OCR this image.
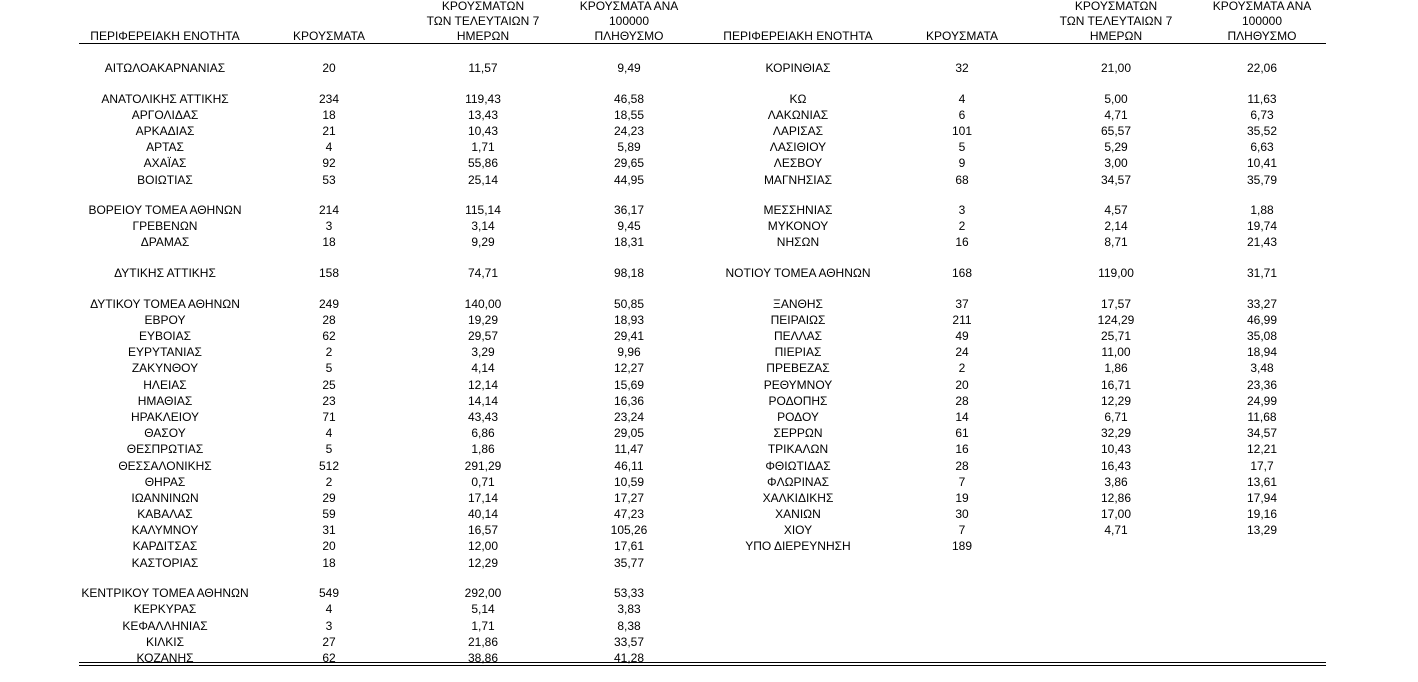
ΠΕΡΙΦΕΡΕΙΑΚΗ ΕΝΟΤΗΤΑ	ΚΡΟΥΣΜΑΤΑ
ΚΡΟΥΣΜΑΤΩΝ
ΤΩΝ ΤΕΛΕΥΤΑΙΩΝ 7
ΗΜΕΡΩΝ
ΚΡΟΥΣΜΑΤΑ ΑΝΑ 100000
ΠΛΗΘΥΣΜΟ
ΑΙΤΩΛΟΑΚΑΡΝΑΝΙΑΣ	20	11,57	9,49
ΑΝΑΤΟΛΙΚΗΣ ΑΤΤΙΚΗΣ	234	119,43	46,58
ΑΡΓΟΛΙΔΑΣ	18	13,43	18,55
ΑΡΚΑΔΙΑΣ	21	10,43	24,23
ΑΡΤΑΣ	4	1,71	5,89
ΑΧΑΪΑΣ	92	55,86	29,65
ΒΟΙΩΤΙΑΣ	53	25,14	44,95
ΒΟΡΕΙΟΥ ΤΟΜΕΑ ΑΘΗΝΩΝ	214	115,14	36,17
ΓΡΕΒΕΝΩΝ	3	3,14	9,45
ΔΡΑΜΑΣ	18	9,29	18,31
ΔΥΤΙΚΗΣ ΑΤΤΙΚΗΣ	158	74,71	98,18
ΔΥΤΙΚΟΥ ΤΟΜΕΑ ΑΘΗΝΩΝ	249	140,00	50,85
ΕΒΡΟΥ	28	19,29	18,93
ΕΥΒΟΙΑΣ	62	29,57	29,41
ΕΥΡΥΤΑΝΙΑΣ	2	3,29	9,96
ΖΑΚΥΝΘΟΥ	5	4,14	12,27
ΗΛΕΙΑΣ	25	12,14	15,69
ΗΜΑΘΙΑΣ	23	14,14	16,36
ΗΡΑΚΛΕΙΟΥ	71	43,43	23,24
ΘΑΣΟΥ	4	6,86	29,05
ΘΕΣΠΡΩΤΙΑΣ	5	1,86	11,47
ΘΕΣΣΑΛΟΝΙΚΗΣ	512	291,29	46,11
ΘΗΡΑΣ	2	0,71	10,59
ΙΩΑΝΝΙΝΩΝ	29	17,14	17,27
ΚΑΒΑΛΑΣ	59	40,14	47,23
ΚΑΛΥΜΝΟΥ	31	16,57	105,26
ΚΑΡΔΙΤΣΑΣ	20	12,00	17,61
ΚΑΣΤΟΡΙΑΣ	18	12,29	35,77
ΚΕΝΤΡΙΚΟΥ ΤΟΜΕΑ ΑΘΗΝΩΝ	549	292,00	53,33
ΚΕΡΚΥΡΑΣ	4	5,14	3,83
ΚΕΦΑΛΛΗΝΙΑΣ	3	1,71	8,38
ΚΙΛΚΙΣ	27	21,86	33,57
ΚΟΖΑΝΗΣ	62	38,86	41,28
ΠΕΡΙΦΕΡΕΙΑΚΗ ΕΝΟΤΗΤΑ	ΚΡΟΥΣΜΑΤΑ
ΚΡΟΥΣΜΑΤΩΝ
ΤΩΝ ΤΕΛΕΥΤΑΙΩΝ 7
ΗΜΕΡΩΝ
ΚΡΟΥΣΜΑΤΑ ΑΝΑ 100000
ΠΛΗΘΥΣΜΟ
ΚΟΡΙΝΘΙΑΣ	32	21,00	22,06
ΚΩ	4	5,00	11,63
ΛΑΚΩΝΙΑΣ	6	4,71	6,73
ΛΑΡΙΣΑΣ	101	65,57	35,52
ΛΑΣΙΘΙΟΥ	5	5,29	6,63
ΛΕΣΒΟΥ	9	3,00	10,41
ΜΑΓΝΗΣΙΑΣ	68	34,57	35,79
ΜΕΣΣΗΝΙΑΣ	3	4,57	1,88
ΜΥΚΟΝΟΥ	2	2,14	19,74
ΝΗΣΩΝ	16	8,71	21,43
ΝΟΤΙΟΥ ΤΟΜΕΑ ΑΘΗΝΩΝ	168	119,00	31,71
ΞΑΝΘΗΣ	37	17,57	33,27
ΠΕΙΡΑΙΩΣ	211	124,29	46,99
ΠΕΛΛΑΣ	49	25,71	35,08
ΠΙΕΡΙΑΣ	24	11,00	18,94
ΠΡΕΒΕΖΑΣ	2	1,86	3,48
ΡΕΘΥΜΝΟΥ	20	16,71	23,36
ΡΟΔΟΠΗΣ	28	12,29	24,99
ΡΟΔΟΥ	14	6,71	11,68
ΣΕΡΡΩΝ	61	32,29	34,57
ΤΡΙΚΑΛΩΝ	16	10,43	12,21
ΦΘΙΩΤΙΔΑΣ	28	16,43	17,7
ΦΛΩΡΙΝΑΣ	7	3,86	13,61
ΧΑΛΚΙΔΙΚΗΣ	19	12,86	17,94
ΧΑΝΙΩΝ	30	17,00	19,16
ΧΙΟΥ	7	4,71	13,29
ΥΠΟ ΔΙΕΡΕΥΝΗΣΗ	189
